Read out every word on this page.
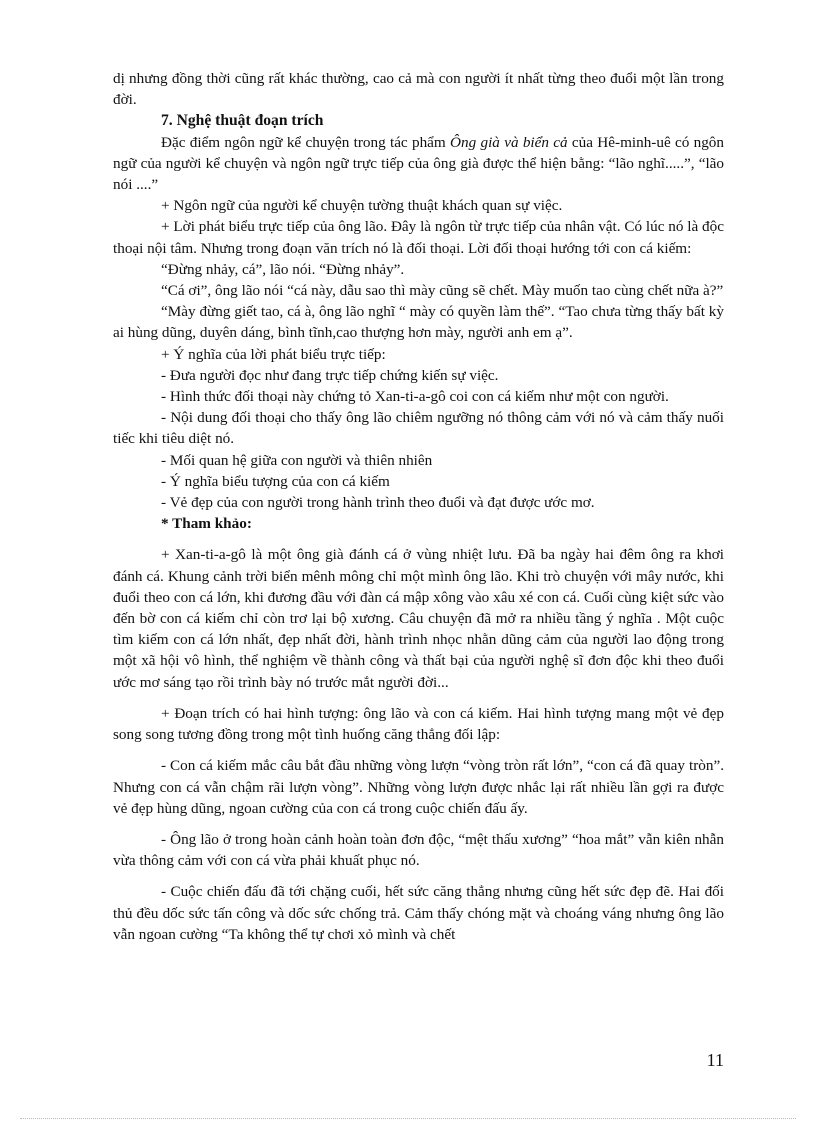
dị nhưng đồng thời cũng rất khác thường, cao cả mà con người ít nhất từng theo đuổi một lần trong đời.

7. Nghệ thuật đoạn trích

Đặc điểm ngôn ngữ kể chuyện trong tác phẩm Ông già và biển cả của Hê-minh-uê có ngôn ngữ của người kể chuyện và ngôn ngữ trực tiếp của ông già được thể hiện bằng: “lão nghĩ.....”, “lão nói ....”

+ Ngôn ngữ của người kể chuyện tường thuật khách quan sự việc.

+ Lời phát biểu trực tiếp của ông lão. Đây là ngôn từ trực tiếp của nhân vật. Có lúc nó là độc thoại nội tâm. Nhưng trong đoạn văn trích nó là đối thoại. Lời đối thoại hướng tới con cá kiếm:

“Đừng nhảy, cá”, lão nói. “Đừng nhảy”.

“Cá ơi”, ông lão nói “cá này, dẫu sao thì mày cũng sẽ chết. Mày muốn tao cùng chết nữa à?”

“Mày đừng giết tao, cá à, ông lão nghĩ “ mày có quyền làm thế”. “Tao chưa từng thấy bất kỳ ai hùng dũng, duyên dáng, bình tĩnh,cao thượng hơn mày, người anh em ạ”.

+ Ý nghĩa của lời phát biểu trực tiếp:

- Đưa người đọc như đang trực tiếp chứng kiến sự việc.

- Hình thức đối thoại này chứng tỏ Xan-ti-a-gô coi con cá kiếm như một con người.

- Nội dung đối thoại cho thấy ông lão chiêm ngưỡng nó thông cảm với nó và cảm thấy nuối tiếc khi tiêu diệt nó.

- Mối quan hệ giữa con người và thiên nhiên

- Ý nghĩa biểu tượng của con cá kiếm

- Vẻ đẹp của con người trong hành trình theo đuổi và đạt được ước mơ.

* Tham khảo:

+ Xan-ti-a-gô là một ông già đánh cá ở vùng nhiệt lưu. Đã ba ngày hai đêm ông ra khơi đánh cá. Khung cảnh trời biển mênh mông chỉ một mình ông lão. Khi trò chuyện với mây nước, khi đuổi theo con cá lớn, khi đương đầu với đàn cá mập xông vào xâu xé con cá. Cuối cùng kiệt sức vào đến bờ con cá kiếm chỉ còn trơ lại bộ xương. Câu chuyện đã mở ra nhiều tầng ý nghĩa . Một cuộc tìm kiếm con cá lớn nhất, đẹp nhất đời, hành trình nhọc nhằn dũng cảm của người lao động trong một xã hội vô hình, thể nghiệm về thành công và thất bại của người nghệ sĩ đơn độc khi theo đuổi ước mơ sáng tạo rồi trình bày nó trước mắt người đời...

+ Đoạn trích có hai hình tượng: ông lão và con cá kiếm. Hai hình tượng mang một vẻ đẹp song song tương đồng trong một tình huống căng thẳng đối lập:

- Con cá kiếm mắc câu bắt đầu những vòng lượn “vòng tròn rất lớn”, “con cá đã quay tròn”. Nhưng con cá vẫn chậm rãi lượn vòng”. Những vòng lượn được nhắc lại rất nhiều lần gợi ra được vẻ đẹp hùng dũng, ngoan cường của con cá trong cuộc chiến đấu ấy.

- Ông lão ở trong hoàn cảnh hoàn toàn đơn độc, “mệt thấu xương” “hoa mắt” vẫn kiên nhẫn vừa thông cảm với con cá vừa phải khuất phục nó.

- Cuộc chiến đấu đã tới chặng cuối, hết sức căng thẳng nhưng cũng hết sức đẹp đẽ. Hai đối thủ đều dốc sức tấn công và dốc sức chống trả. Cảm thấy chóng mặt và choáng váng nhưng ông lão vẫn ngoan cường “Ta không thể tự chơi xỏ mình và chết

11
